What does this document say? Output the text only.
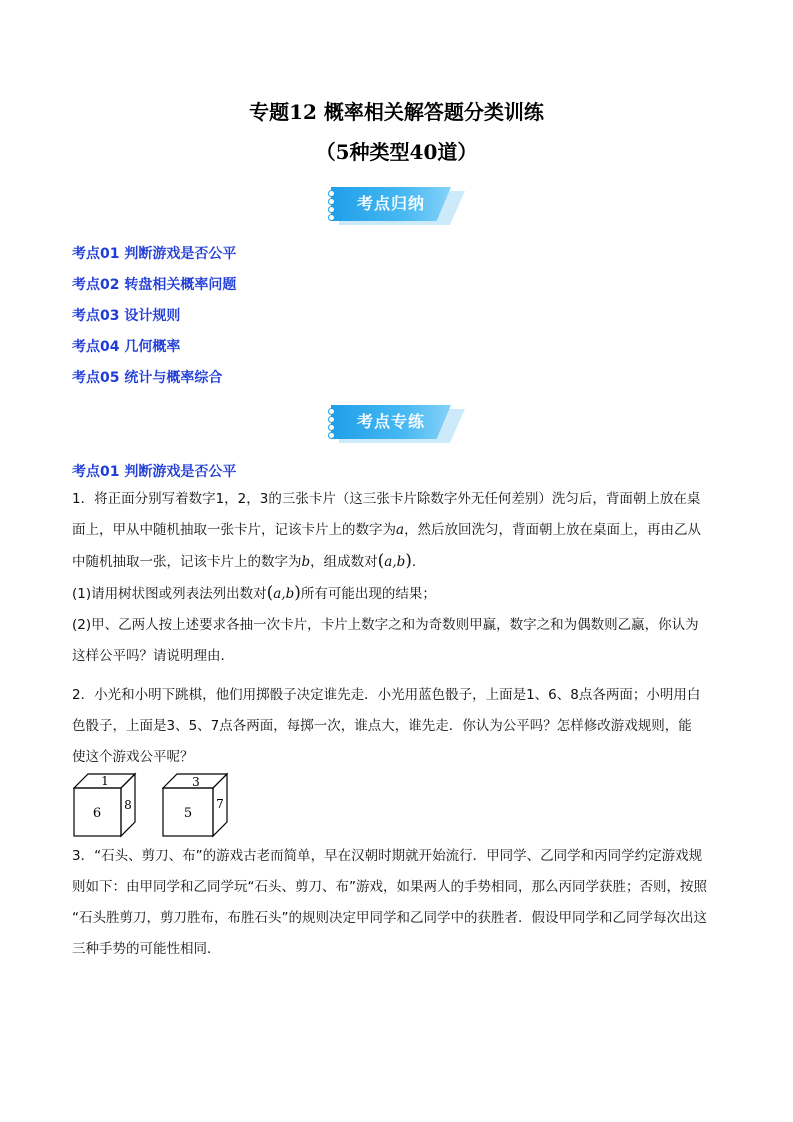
专题12 概率相关解答题分类训练
（5种类型40道）
考点归纳
考点01 判断游戏是否公平
考点02 转盘相关概率问题
考点03 设计规则
考点04 几何概率
考点05 统计与概率综合
考点专练
考点01 判断游戏是否公平
1．将正面分别写着数字1，2，3的三张卡片（这三张卡片除数字外无任何差别）洗匀后，背面朝上放在桌
面上，甲从中随机抽取一张卡片，记该卡片上的数字为a，然后放回洗匀，背面朝上放在桌面上，再由乙从
中随机抽取一张，记该卡片上的数字为b，组成数对(a,b)．
(1)请用树状图或列表法列出数对(a,b)所有可能出现的结果；
(2)甲、乙两人按上述要求各抽一次卡片，卡片上数字之和为奇数则甲赢，数字之和为偶数则乙赢，你认为
这样公平吗？请说明理由．
2．小光和小明下跳棋，他们用掷骰子决定谁先走．小光用蓝色骰子，上面是1、6、8点各两面；小明用白
色骰子，上面是3、5、7点各两面，每掷一次，谁点大，谁先走．你认为公平吗？怎样修改游戏规则，能
使这个游戏公平呢？
1
6
8
3
5
7
3．“石头、剪刀、布”的游戏古老而简单，早在汉朝时期就开始流行．甲同学、乙同学和丙同学约定游戏规
则如下：由甲同学和乙同学玩“石头、剪刀、布”游戏，如果两人的手势相同，那么丙同学获胜；否则，按照
“石头胜剪刀，剪刀胜布，布胜石头”的规则决定甲同学和乙同学中的获胜者．假设甲同学和乙同学每次出这
三种手势的可能性相同．
